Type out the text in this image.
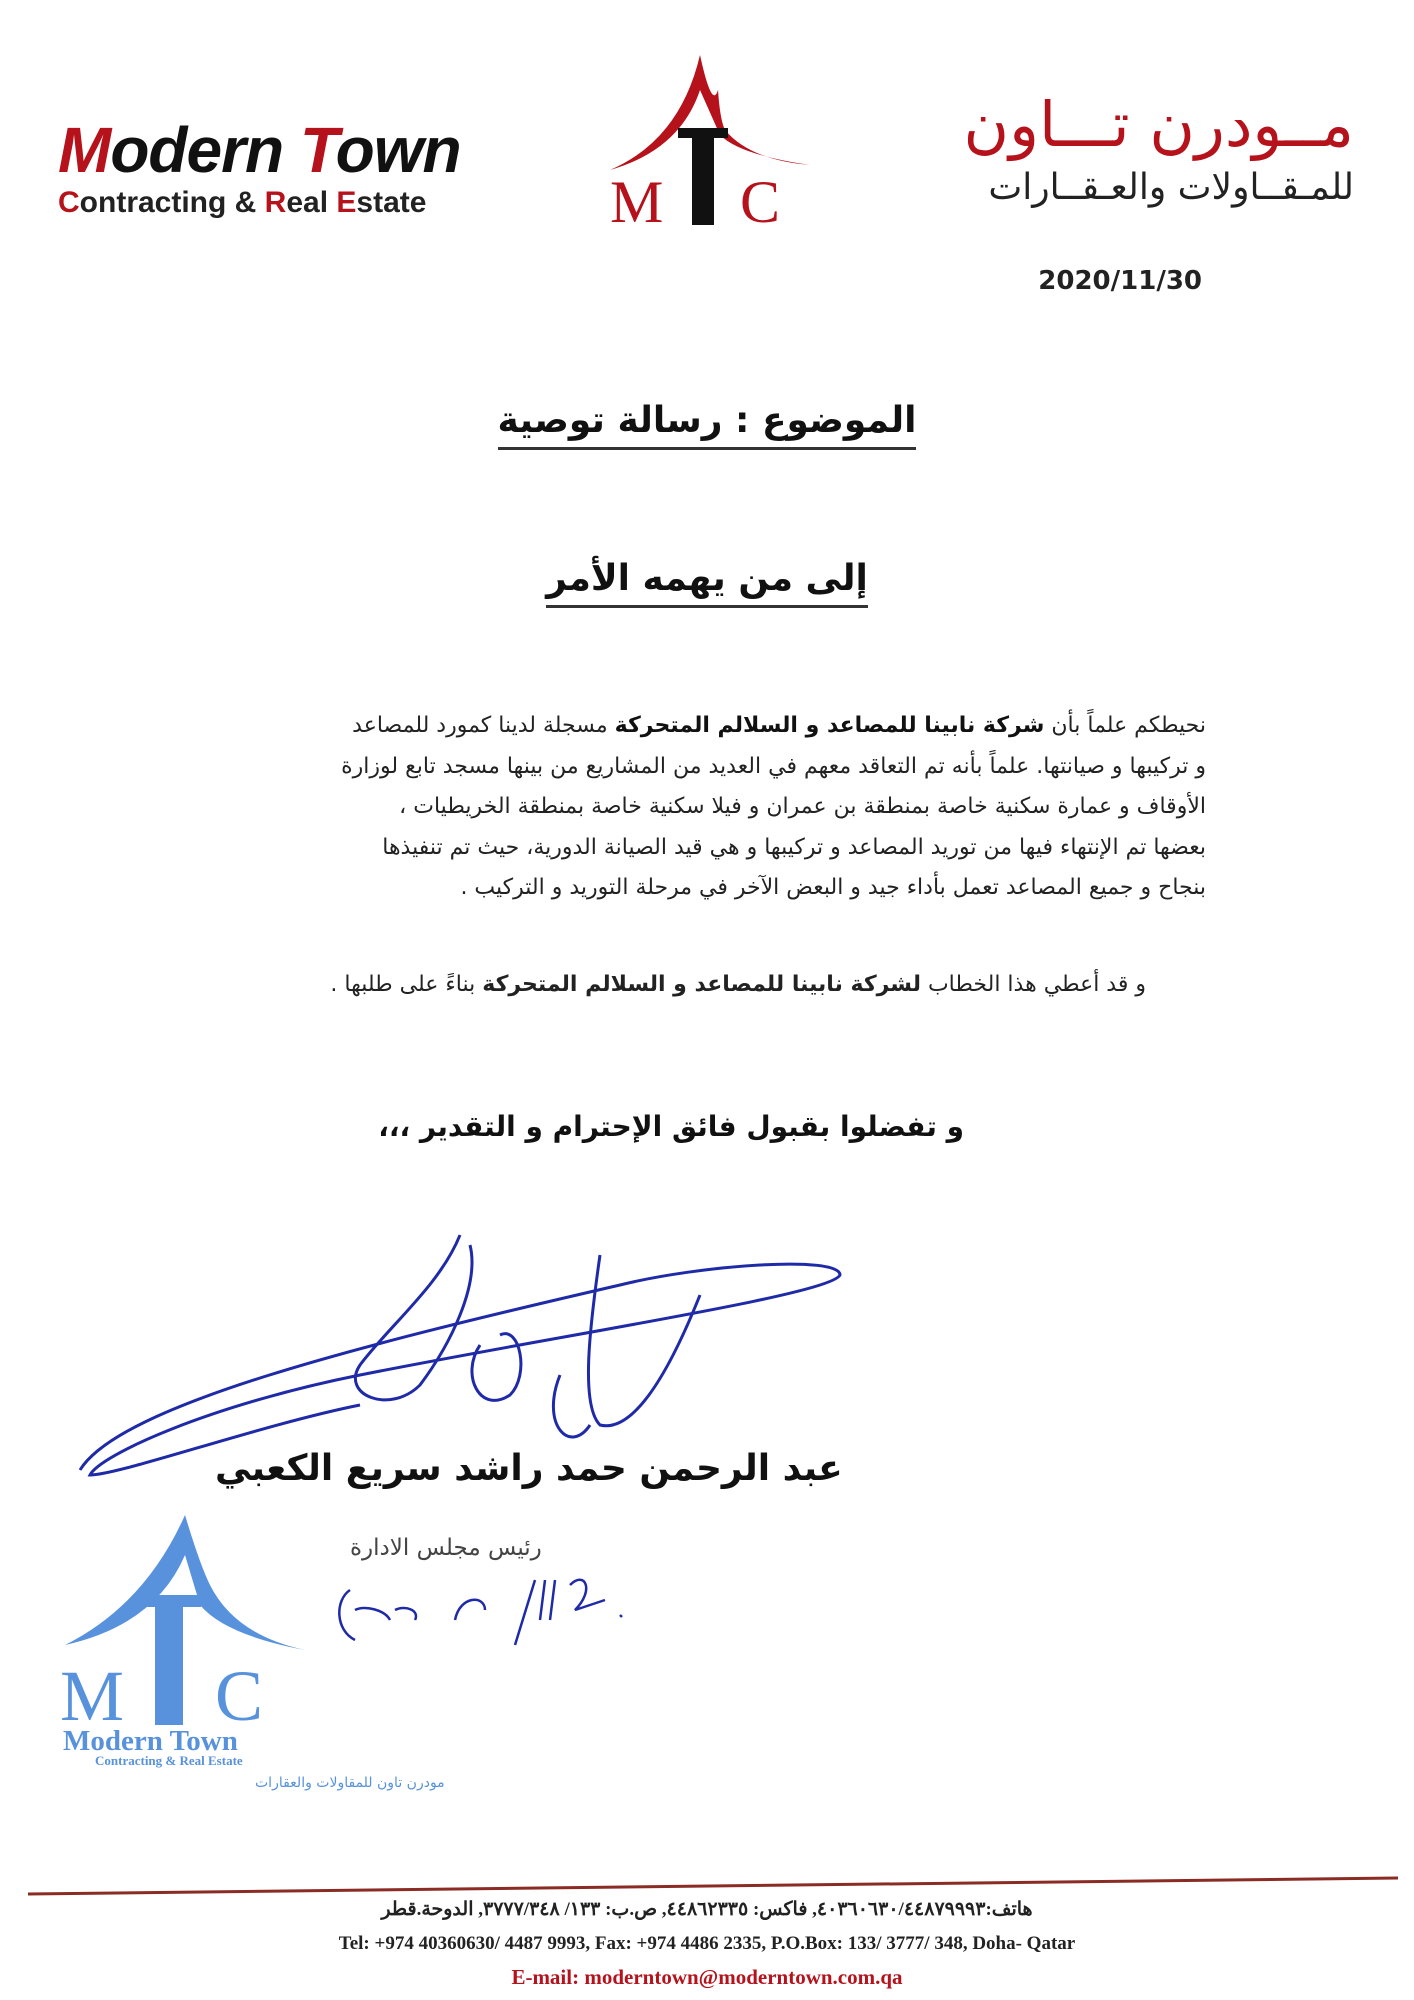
Modern Town
Contracting & Real Estate	M C
مــودرن تـــاون
للمـقــاولات والعـقــارات
2020/11/30
الموضوع : رسالة توصية
إلى من يهمه الأمر
نحيطكم علماً بأن شركة نابينا للمصاعد و السلالم المتحركة مسجلة لدينا كمورد للمصاعد
و تركيبها و صيانتها. علماً بأنه تم التعاقد معهم في العديد من المشاريع من بينها مسجد تابع لوزارة
الأوقاف و عمارة سكنية خاصة بمنطقة بن عمران و فيلا سكنية خاصة بمنطقة الخريطيات ،
بعضها تم الإنتهاء فيها من توريد المصاعد و تركيبها و هي قيد الصيانة الدورية، حيث تم تنفيذها
بنجاح و جميع المصاعد تعمل بأداء جيد و البعض الآخر في مرحلة التوريد و التركيب .
و قد أعطي هذا الخطاب لشركة نابينا للمصاعد و السلالم المتحركة بناءً على طلبها .
و تفضلوا بقبول فائق الإحترام و التقدير ،،،
عبد الرحمن حمد راشد سريع الكعبي
رئيس مجلس الادارة
M C
Modern Town
Contracting & Real Estate
مودرن تاون للمقاولات والعقارات
هاتف:٤٠٣٦٠٦٣٠/٤٤٨٧٩٩٩٣, فاكس: ٤٤٨٦٢٣٣٥, ص.ب: ١٣٣/ ٣٧٧٧/٣٤٨, الدوحة.قطر
Tel: +974 40360630/ 4487 9993, Fax: +974 4486 2335, P.O.Box: 133/ 3777/ 348, Doha- Qatar
E-mail: moderntown@moderntown.com.qa
